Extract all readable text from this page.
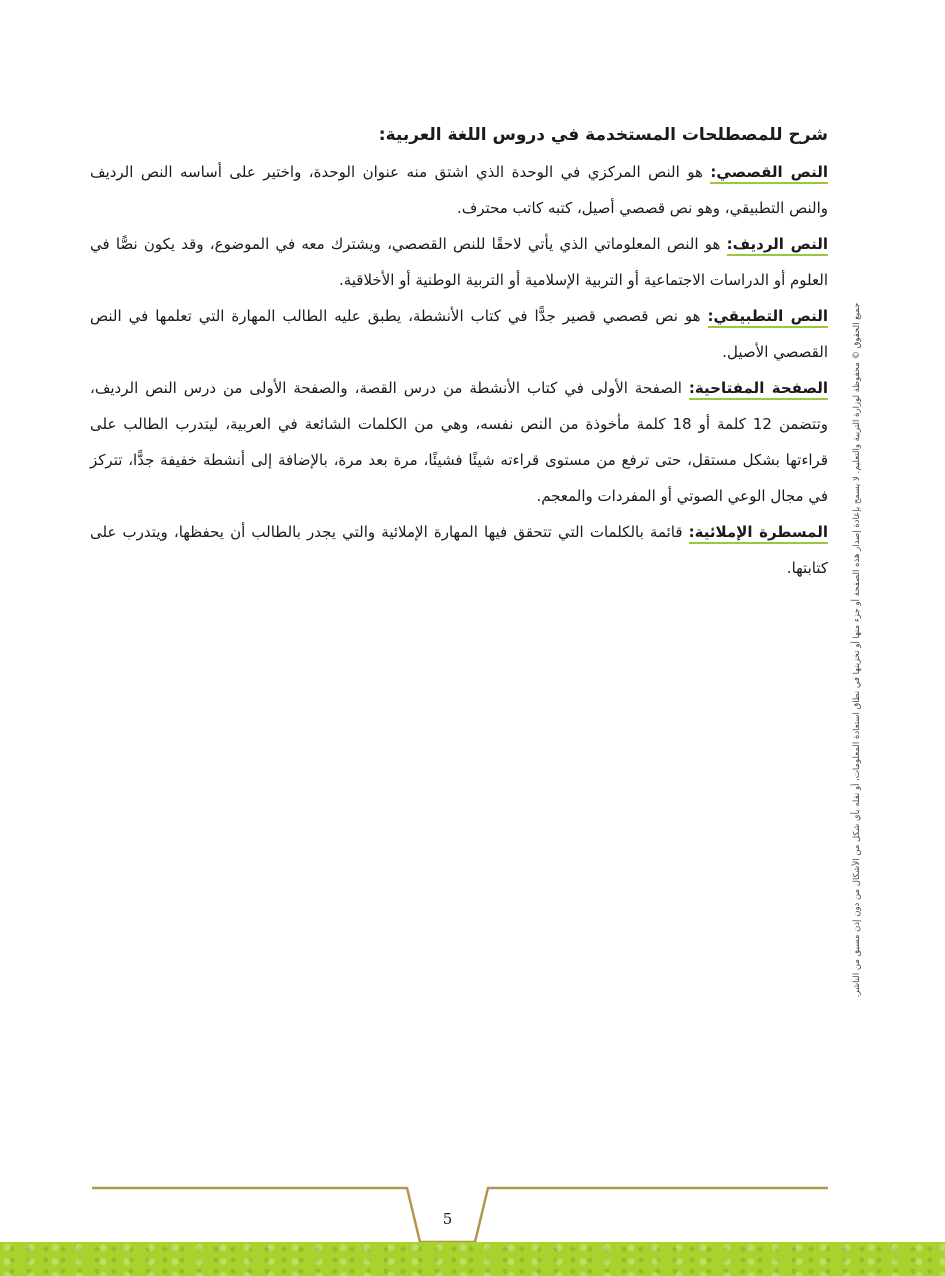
شرح للمصطلحات المستخدمة في دروس اللغة العربية:

النص القصصي: هو النص المركزي في الوحدة الذي اشتق منه عنوان الوحدة، واختير على أساسه النص الرديف والنص التطبيقي، وهو نص قصصي أصيل، كتبه كاتب محترف.

النص الرديف: هو النص المعلوماتي الذي يأتي لاحقًا للنص القصصي، ويشترك معه في الموضوع، وقد يكون نصًّا في العلوم أو الدراسات الاجتماعية أو التربية الإسلامية أو التربية الوطنية أو الأخلاقية.

النص التطبيقي: هو نص قصصي قصير جدًّا في كتاب الأنشطة، يطبق عليه الطالب المهارة التي تعلمها في النص القصصي الأصيل.

الصفحة المفتاحية: الصفحة الأولى في كتاب الأنشطة من درس القصة، والصفحة الأولى من درس النص الرديف، وتتضمن 12 كلمة أو 18 كلمة مأخوذة من النص نفسه، وهي من الكلمات الشائعة في العربية، ليتدرب الطالب على قراءتها بشكل مستقل، حتى ترفع من مستوى قراءته شيئًا فشيئًا، مرة بعد مرة، بالإضافة إلى أنشطة خفيفة جدًّا، تتركز في مجال الوعي الصوتي أو المفردات والمعجم.

المسطرة الإملائية: قائمة بالكلمات التي تتحقق فيها المهارة الإملائية والتي يجدر بالطالب أن يحفظها، ويتدرب على كتابتها.	جميع الحقوق © محفوظة لوزارة التربية والتعليم. لا يسمح بإعادة إصدار هذه الصفحة أو جزء منها أو تخزينها في نطاق استعادة المعلومات، أو نقله بأي شكل من الأشكال من دون إذن مسبق من الناشر.
5
